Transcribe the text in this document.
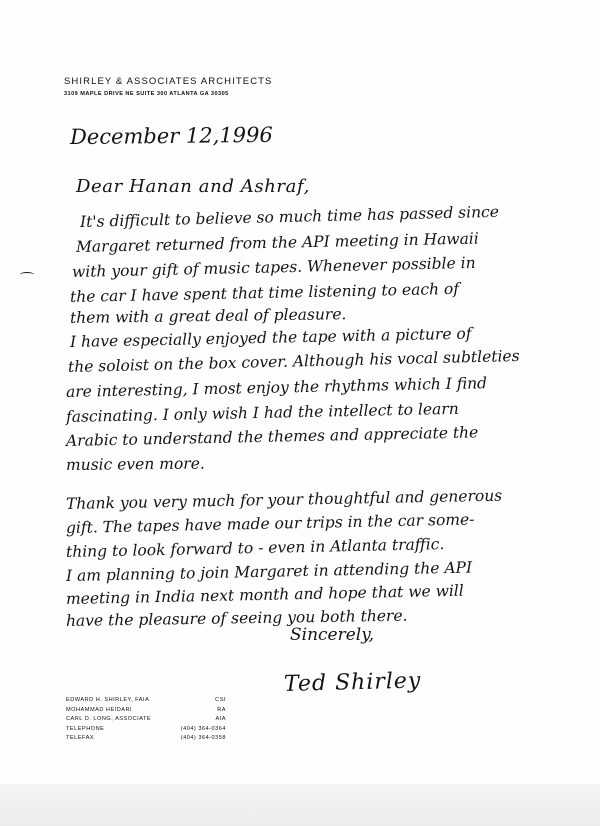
SHIRLEY & ASSOCIATES ARCHITECTS
3109 MAPLE DRIVE NE SUITE 300 ATLANTA GA 30305
December 12,1996
Dear Hanan and Ashraf,
It's difficult to believe so much time has passed since
Margaret returned from the API meeting in Hawaii
with your gift of music tapes. Whenever possible in
the car I have spent that time listening to each of
them with a great deal of pleasure.
I have especially enjoyed the tape with a picture of
the soloist on the box cover. Although his vocal subtleties
are interesting, I most enjoy the rhythms which I find
fascinating. I only wish I had the intellect to learn
Arabic to understand the themes and appreciate the
music even more.
Thank you very much for your thoughtful and generous
gift. The tapes have made our trips in the car some-
thing to look forward to - even in Atlanta traffic.
I am planning to join Margaret in attending the API
meeting in India next month and hope that we will
have the pleasure of seeing you both there.
Sincerely,
Ted Shirley
EDWARD H. SHIRLEY, FAIA	CSI
MOHAMMAD HEIDARI	RA
CARL D. LONG, ASSOCIATE	AIA
TELEPHONE	(404) 364-0364
TELEFAX	(404) 364-0358
